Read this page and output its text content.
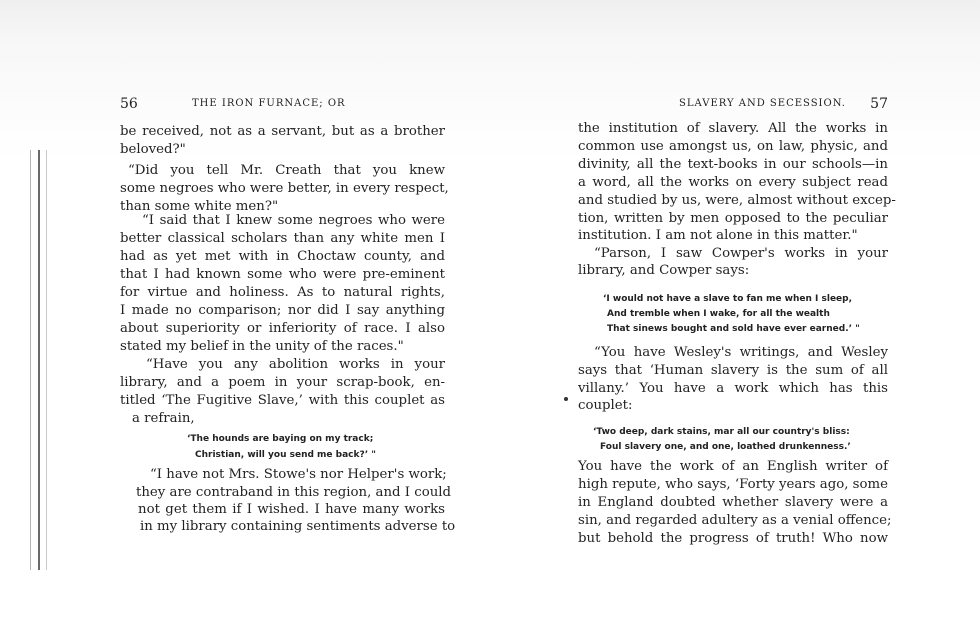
56	THE IRON FURNACE; OR
be received, not as a servant, but as a brother
beloved?"
“Did you tell Mr. Creath that you knew
some negroes who were better, in every respect,
than some white men?"
“I said that I knew some negroes who were
better classical scholars than any white men I
had as yet met with in Choctaw county, and
that I had known some who were pre-eminent
for virtue and holiness. As to natural rights,
I made no comparison; nor did I say anything
about superiority or inferiority of race. I also
stated my belief in the unity of the races."
“Have you any abolition works in your
library, and a poem in your scrap-book, en-
titled ‘The Fugitive Slave,’ with this couplet as
a refrain,
‘The hounds are baying on my track;
Christian, will you send me back?’ "
“I have not Mrs. Stowe's nor Helper's work;
they are contraband in this region, and I could
not get them if I wished. I have many works
in my library containing sentiments adverse to
SLAVERY AND SECESSION. 57
the institution of slavery. All the works in
common use amongst us, on law, physic, and
divinity, all the text-books in our schools—in
a word, all the works on every subject read
and studied by us, were, almost without excep-
tion, written by men opposed to the peculiar
institution. I am not alone in this matter."
“Parson, I saw Cowper's works in your
library, and Cowper says:
‘I would not have a slave to fan me when I sleep,
And tremble when I wake, for all the wealth
That sinews bought and sold have ever earned.’ "
“You have Wesley's writings, and Wesley
says that ‘Human slavery is the sum of all
villany.’ You have a work which has this
couplet:
‘Two deep, dark stains, mar all our country's bliss:
Foul slavery one, and one, loathed drunkenness.’
You have the work of an English writer of
high repute, who says, ‘Forty years ago, some
in England doubted whether slavery were a
sin, and regarded adultery as a venial offence;
but behold the progress of truth! Who now
